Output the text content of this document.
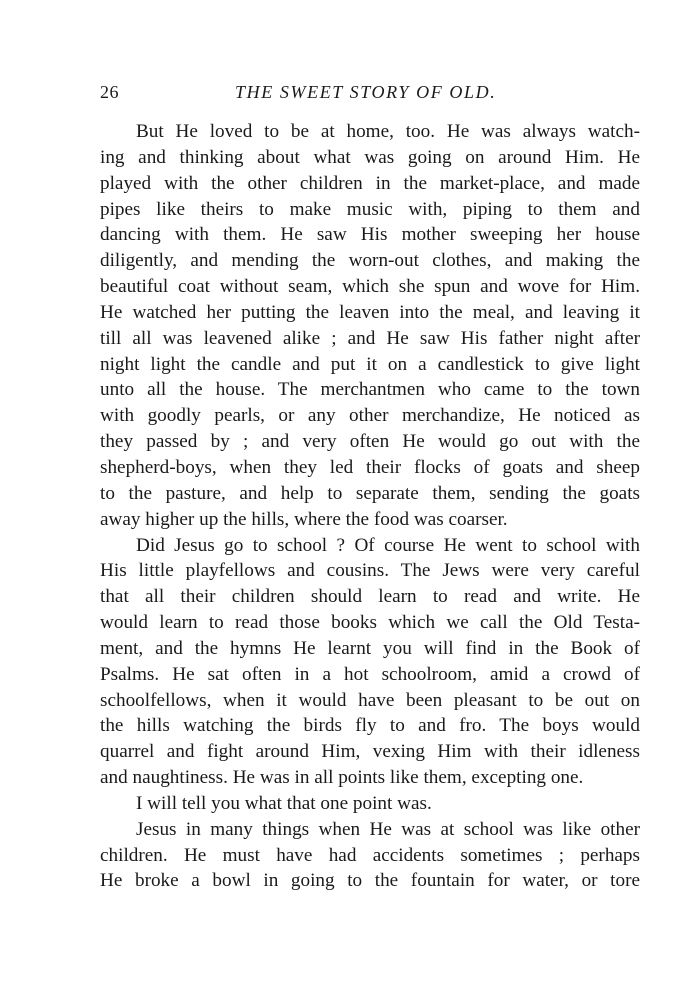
26	THE SWEET STORY OF OLD.
But He loved to be at home, too. He was always watch-
ing and thinking about what was going on around Him. He
played with the other children in the market-place, and made
pipes like theirs to make music with, piping to them and
dancing with them. He saw His mother sweeping her house
diligently, and mending the worn-out clothes, and making the
beautiful coat without seam, which she spun and wove for Him.
He watched her putting the leaven into the meal, and leaving it
till all was leavened alike ; and He saw His father night after
night light the candle and put it on a candlestick to give light
unto all the house. The merchantmen who came to the town
with goodly pearls, or any other merchandize, He noticed as
they passed by ; and very often He would go out with the
shepherd-boys, when they led their flocks of goats and sheep
to the pasture, and help to separate them, sending the goats
away higher up the hills, where the food was coarser.
Did Jesus go to school ? Of course He went to school with
His little playfellows and cousins. The Jews were very careful
that all their children should learn to read and write. He
would learn to read those books which we call the Old Testa-
ment, and the hymns He learnt you will find in the Book of
Psalms. He sat often in a hot schoolroom, amid a crowd of
schoolfellows, when it would have been pleasant to be out on
the hills watching the birds fly to and fro. The boys would
quarrel and fight around Him, vexing Him with their idleness
and naughtiness. He was in all points like them, excepting one.
I will tell you what that one point was.
Jesus in many things when He was at school was like other
children. He must have had accidents sometimes ; perhaps
He broke a bowl in going to the fountain for water, or tore
